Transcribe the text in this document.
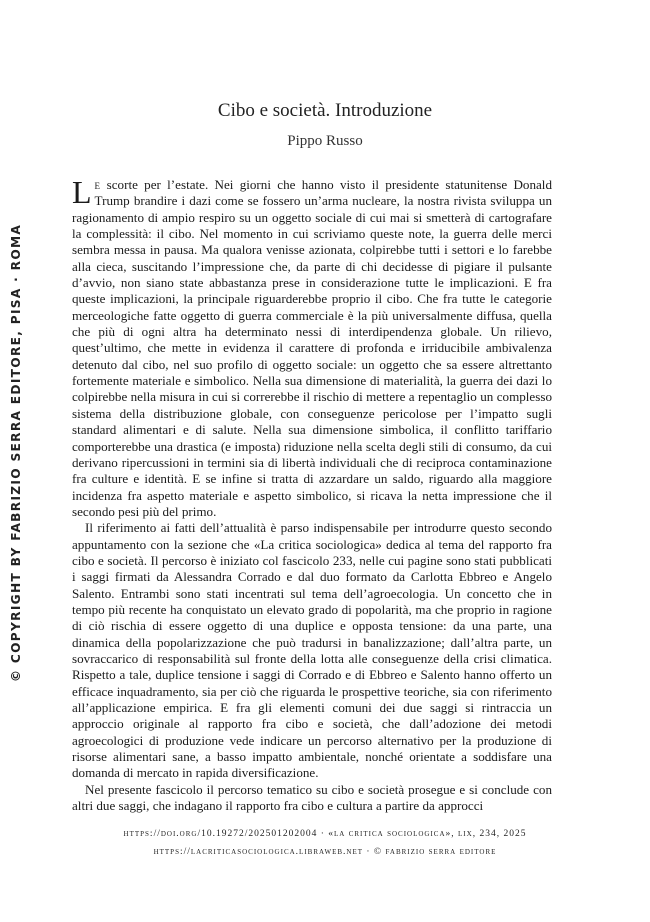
© COPYRIGHT BY FABRIZIO SERRA EDITORE, PISA · ROMA
Cibo e società. Introduzione
Pippo Russo

Le scorte per l’estate. Nei giorni che hanno visto il presidente statunitense Donald Trump brandire i dazi come se fossero un’arma nucleare, la nostra rivista sviluppa un ragionamento di ampio respiro su un oggetto sociale di cui mai si smetterà di cartografare la complessità: il cibo. Nel momento in cui scriviamo queste note, la guerra delle merci sembra messa in pausa. Ma qualora venisse azionata, colpirebbe tutti i settori e lo farebbe alla cieca, suscitando l’impressione che, da parte di chi decidesse di pigiare il pulsante d’avvio, non siano state abbastanza prese in considerazione tutte le implicazioni. E fra queste implicazioni, la principale riguarderebbe proprio il cibo. Che fra tutte le categorie merceologiche fatte oggetto di guerra commerciale è la più universalmente diffusa, quella che più di ogni altra ha determinato nessi di interdipendenza globale. Un rilievo, quest’ultimo, che mette in evidenza il carattere di profonda e irriducibile ambivalenza detenuto dal cibo, nel suo profilo di oggetto sociale: un oggetto che sa essere altrettanto fortemente materiale e simbolico. Nella sua dimensione di materialità, la guerra dei dazi lo colpirebbe nella misura in cui si correrebbe il rischio di mettere a repentaglio un complesso sistema della distribuzione globale, con conseguenze pericolose per l’impatto sugli standard alimentari e di salute. Nella sua dimensione simbolica, il conflitto tariffario comporterebbe una drastica (e imposta) riduzione nella scelta degli stili di consumo, da cui derivano ripercussioni in termini sia di libertà individuali che di reciproca contaminazione fra culture e identità. E se infine si tratta di azzardare un saldo, riguardo alla maggiore incidenza fra aspetto materiale e aspetto simbolico, si ricava la netta impressione che il secondo pesi più del primo.

Il riferimento ai fatti dell’attualità è parso indispensabile per introdurre questo secondo appuntamento con la sezione che «La critica sociologica» dedica al tema del rapporto fra cibo e società. Il percorso è iniziato col fascicolo 233, nelle cui pagine sono stati pubblicati i saggi firmati da Alessandra Corrado e dal duo formato da Carlotta Ebbreo e Angelo Salento. Entrambi sono stati incentrati sul tema dell’agroecologia. Un concetto che in tempo più recente ha conquistato un elevato grado di popolarità, ma che proprio in ragione di ciò rischia di essere oggetto di una duplice e opposta tensione: da una parte, una dinamica della popolarizzazione che può tradursi in banalizzazione; dall’altra parte, un sovraccarico di responsabilità sul fronte della lotta alle conseguenze della crisi climatica. Rispetto a tale, duplice tensione i saggi di Corrado e di Ebbreo e Salento hanno offerto un efficace inquadramento, sia per ciò che riguarda le prospettive teoriche, sia con riferimento all’applicazione empirica. E fra gli elementi comuni dei due saggi si rintraccia un approccio originale al rapporto fra cibo e società, che dall’adozione dei metodi agroecologici di produzione vede indicare un percorso alternativo per la produzione di risorse alimentari sane, a basso impatto ambientale, nonché orientate a soddisfare una domanda di mercato in rapida diversificazione.

Nel presente fascicolo il percorso tematico su cibo e società prosegue e si conclude con altri due saggi, che indagano il rapporto fra cibo e cultura a partire da approcci

https://doi.org/10.19272/202501202004 · «la critica sociologica», lix, 234, 2025
https://lacriticasociologica.libraweb.net · © fabrizio serra editore
